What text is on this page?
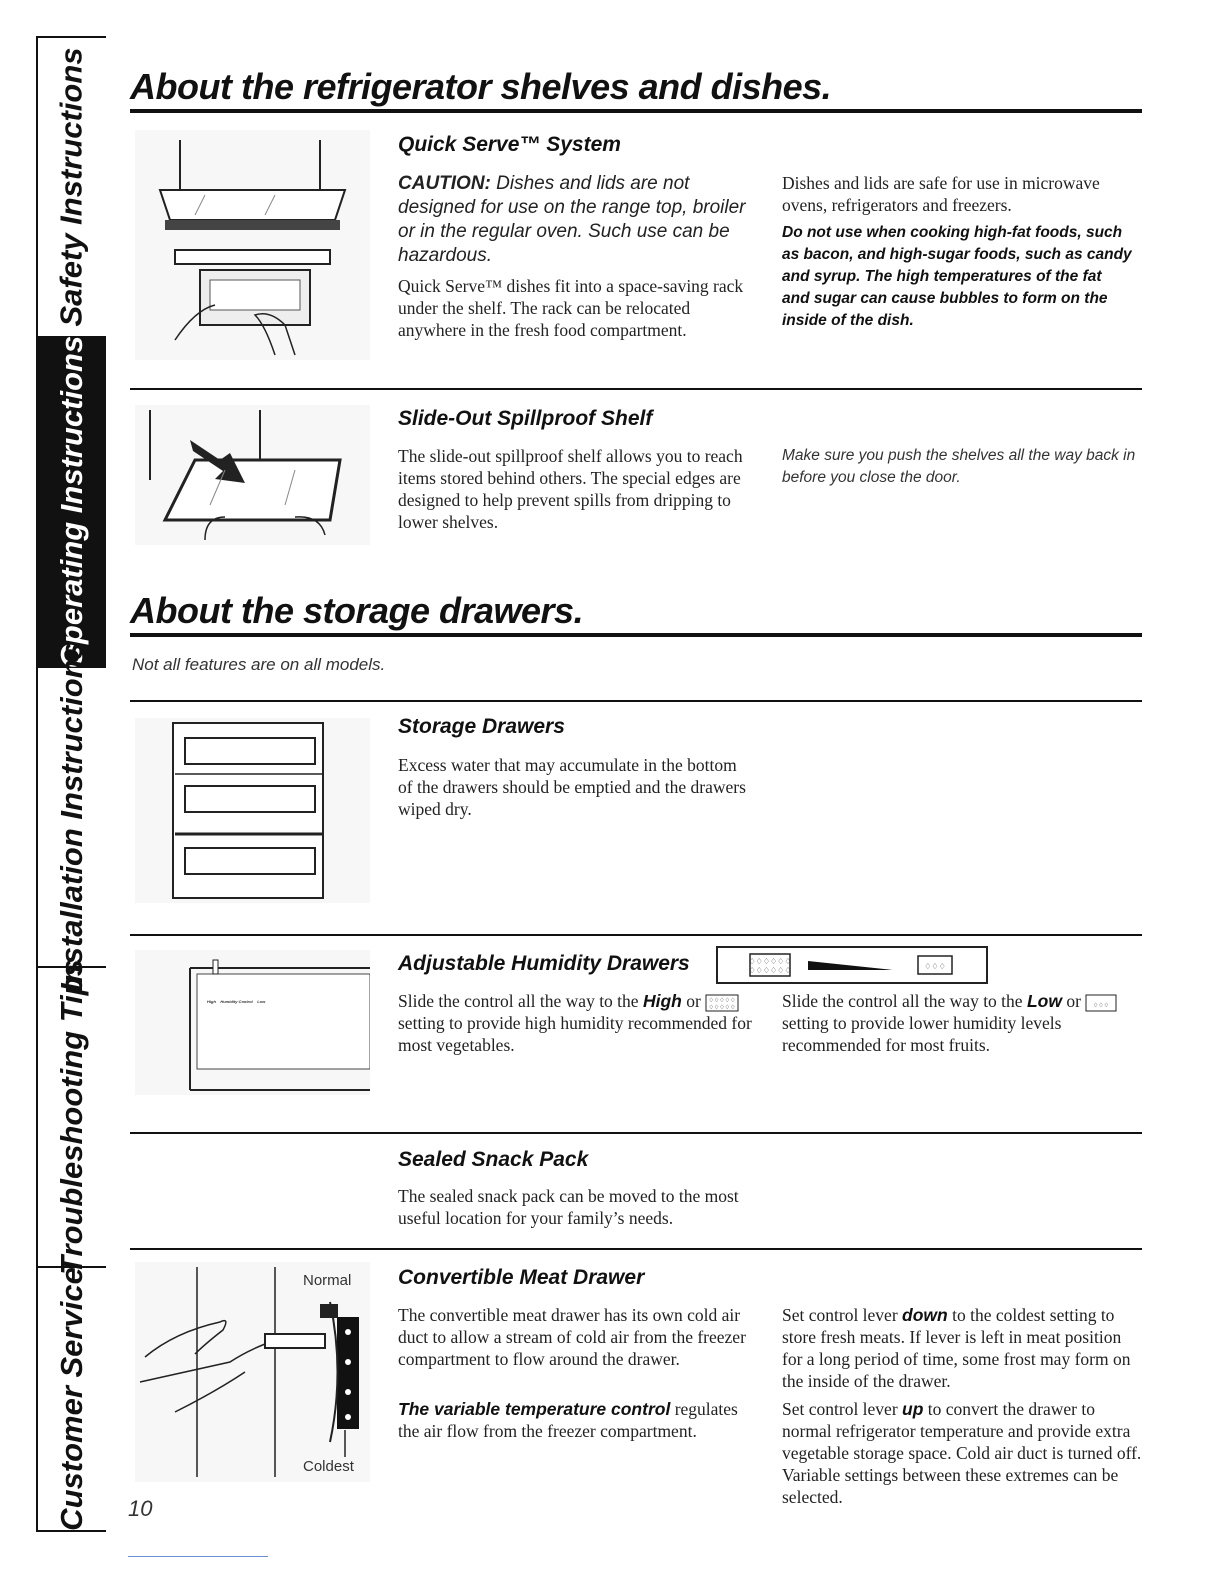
Safety Instructions
Operating Instructions
Installation Instructions
Troubleshooting Tips
Customer Service
About the refrigerator shelves and dishes.
Quick Serve™ System

CAUTION: Dishes and lids are not designed for use on the range top, broiler or in the regular oven. Such use can be hazardous.

Quick Serve™ dishes fit into a space-saving rack under the shelf. The rack can be relocated anywhere in the fresh food compartment.

Dishes and lids are safe for use in microwave ovens, refrigerators and freezers.

Do not use when cooking high-fat foods, such as bacon, and high-sugar foods, such as candy and syrup. The high temperatures of the fat and sugar can cause bubbles to form on the inside of the dish.

Slide-Out Spillproof Shelf

The slide-out spillproof shelf allows you to reach items stored behind others. The special edges are designed to help prevent spills from dripping to lower shelves.

Make sure you push the shelves all the way back in before you close the door.

About the storage drawers.

Not all features are on all models.

Storage Drawers

Excess water that may accumulate in the bottom of the drawers should be emptied and the drawers wiped dry.

High    Humidity Control    Low
Adjustable Humidity Drawers	♢♢♢♢♢♢
♢♢♢♢♢♢	♢♢♢

Slide the control all the way to the High or ♢♢♢♢♢
♢♢♢♢♢
setting to provide high humidity recommended for most vegetables.

Slide the control all the way to the Low or ♢♢♢
setting to provide lower humidity levels recommended for most fruits.

Sealed Snack Pack

The sealed snack pack can be moved to the most useful location for your family’s needs.

Normal
Coldest
Convertible Meat Drawer

The convertible meat drawer has its own cold air duct to allow a stream of cold air from the freezer compartment to flow around the drawer.

The variable temperature control regulates the air flow from the freezer compartment.

Set control lever down to the coldest setting to store fresh meats. If lever is left in meat position for a long period of time, some frost may form on the inside of the drawer.

Set control lever up to convert the drawer to normal refrigerator temperature and provide extra vegetable storage space. Cold air duct is turned off. Variable settings between these extremes can be selected.

10
